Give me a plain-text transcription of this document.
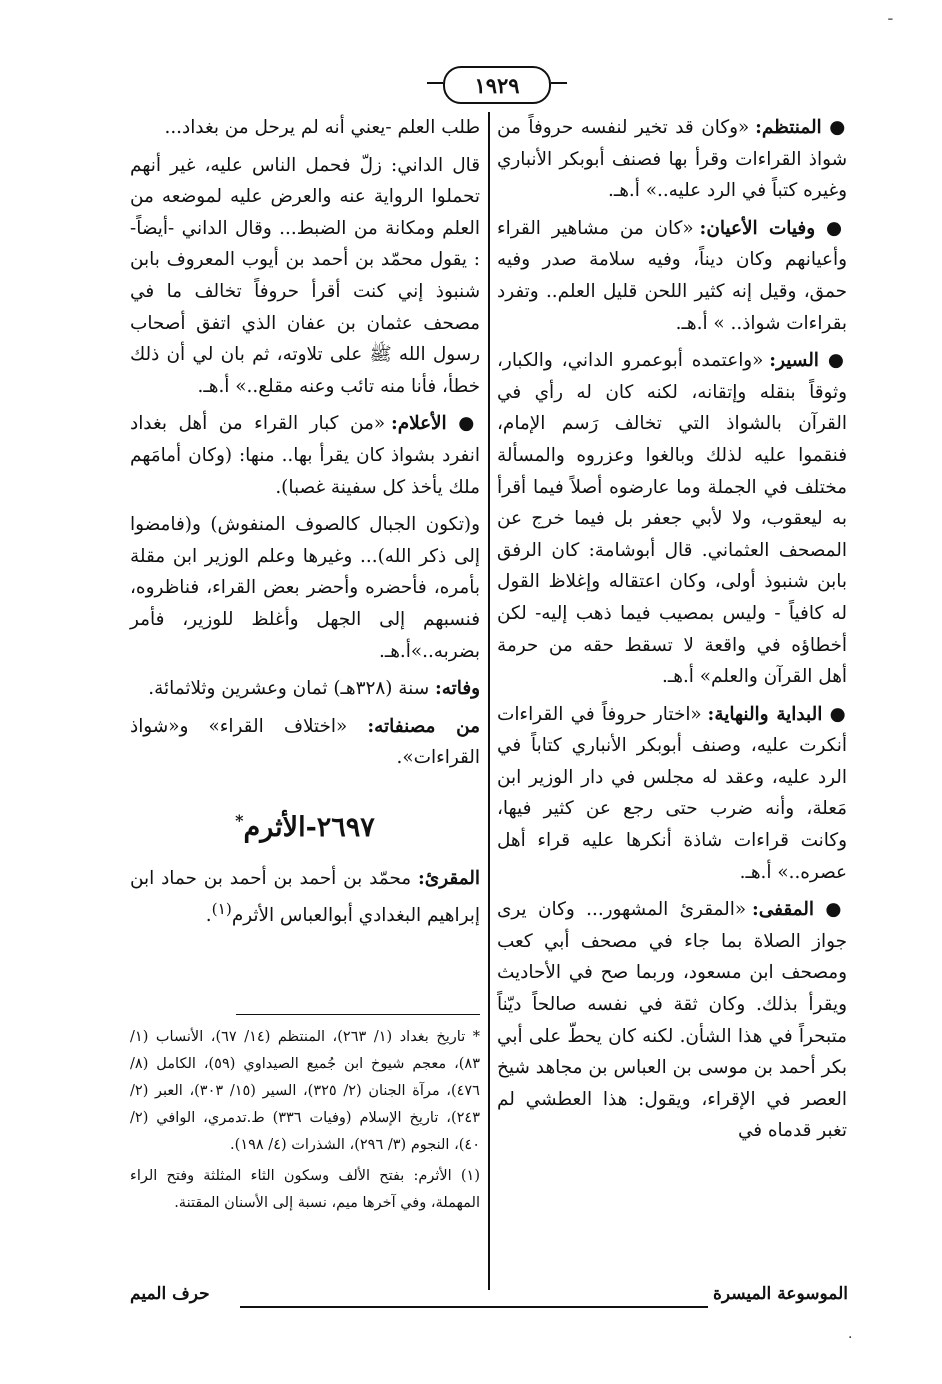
١٩٢٩

● المنتظم: «وكان قد تخير لنفسه حروفاً من شواذ القراءات وقرأ بها فصنف أبوبكر الأنباري وغيره كتباً في الرد عليه..» أ.هـ.

● وفيات الأعيان: «كان من مشاهير القراء وأعيانهم وكان ديناً، وفيه سلامة صدر وفيه حمق، وقيل إنه كثير اللحن قليل العلم.. وتفرد بقراءات شواذ.. » أ.هـ.

● السير: «واعتمده أبوعمرو الداني، والكبار، وثوقاً بنقله وإتقانه، لكنه كان له رأي في القرآن بالشواذ التي تخالف رَسم الإمام، فنقموا عليه لذلك وبالغوا وعزروه والمسألة مختلف في الجملة وما عارضوه أصلاً فيما أقرأ به ليعقوب، ولا لأبي جعفر بل فيما خرج عن المصحف العثماني. قال أبوشامة: كان الرفق بابن شنبوذ أولى، وكان اعتقاله وإغلاظ القول له كافياً - وليس بمصيب فيما ذهب إليه- لكن أخطاؤه في واقعة لا تسقط حقه من حرمة أهل القرآن والعلم» أ.هـ.

● البداية والنهاية: «اختار حروفاً في القراءات أنكرت عليه، وصنف أبوبكر الأنباري كتاباً في الرد عليه، وعقد له مجلس في دار الوزير ابن مَعلة، وأنه ضرب حتى رجع عن كثير فيها، وكانت قراءات شاذة أنكرها عليه قراء أهل عصره..» أ.هـ.

● المقفى: «المقرئ المشهور... وكان يرى جواز الصلاة بما جاء في مصحف أبي كعب ومصحف ابن مسعود، وربما صح في الأحاديث ويقرأ بذلك. وكان ثقة في نفسه صالحاً ديّناً متبحراً في هذا الشأن. لكنه كان يحطّ على أبي بكر أحمد بن موسى بن العباس بن مجاهد شيخ العصر في الإقراء، ويقول: هذا العطشي لم تغبر قدماه في

طلب العلم -يعني أنه لم يرحل من بغداد...

قال الداني: زلّ فحمل الناس عليه، غير أنهم تحملوا الرواية عنه والعرض عليه لموضعه من العلم ومكانة من الضبط... وقال الداني -أيضاً- : يقول محمّد بن أحمد بن أيوب المعروف بابن شنبوذ إني كنت أقرأ حروفاً تخالف ما في مصحف عثمان بن عفان الذي اتفق أصحاب رسول الله ﷺ على تلاوته، ثم بان لي أن ذلك خطأ، فأنا منه تائب وعنه مقلع..» أ.هـ.

● الأعلام: «من كبار القراء من أهل بغداد انفرد بشواذ كان يقرأ بها.. منها: (وكان أمامَهم ملك يأخذ كل سفينة غصبا).

و(تكون الجبال كالصوف المنفوش) و(فامضوا إلى ذكر الله)... وغيرها وعلم الوزير ابن مقلة بأمره، فأحضره وأحضر بعض القراء، فناظروه، فنسبهم إلى الجهل وأغلظ للوزير، فأمر بضربه..»أ.هـ.

وفاته: سنة (٣٢٨هـ) ثمان وعشرين وثلاثمائة.

من مصنفاته: «اختلاف القراء» و«شواذ القراءات».

٢٦٩٧-الأثرم*

المقرئ: محمّد بن أحمد بن أحمد بن حماد ابن إبراهيم البغدادي أبوالعباس الأثرم$^{(١)}$.

* تاريخ بغداد (١/ ٢٦٣)، المنتظم (١٤/ ٦٧)، الأنساب (١/ ٨٣)، معجم شيوخ ابن جُميع الصيداوي (٥٩)، الكامل (٨/ ٤٧٦)، مرآة الجنان (٢/ ٣٢٥)، السير (١٥/ ٣٠٣)، العبر (٢/ ٢٤٣)، تاريخ الإسلام (وفيات ٣٣٦) ط.تدمري، الوافي (٢/ ٤٠)، النجوم (٣/ ٢٩٦)، الشذرات (٤/ ١٩٨).

(١) الأثرم: بفتح الألف وسكون الثاء المثلثة وفتح الراء المهملة، وفي آخرها ميم، نسبة إلى الأسنان المقتنة.

الموسوعة الميسرة
حرف الميم
╶
·
